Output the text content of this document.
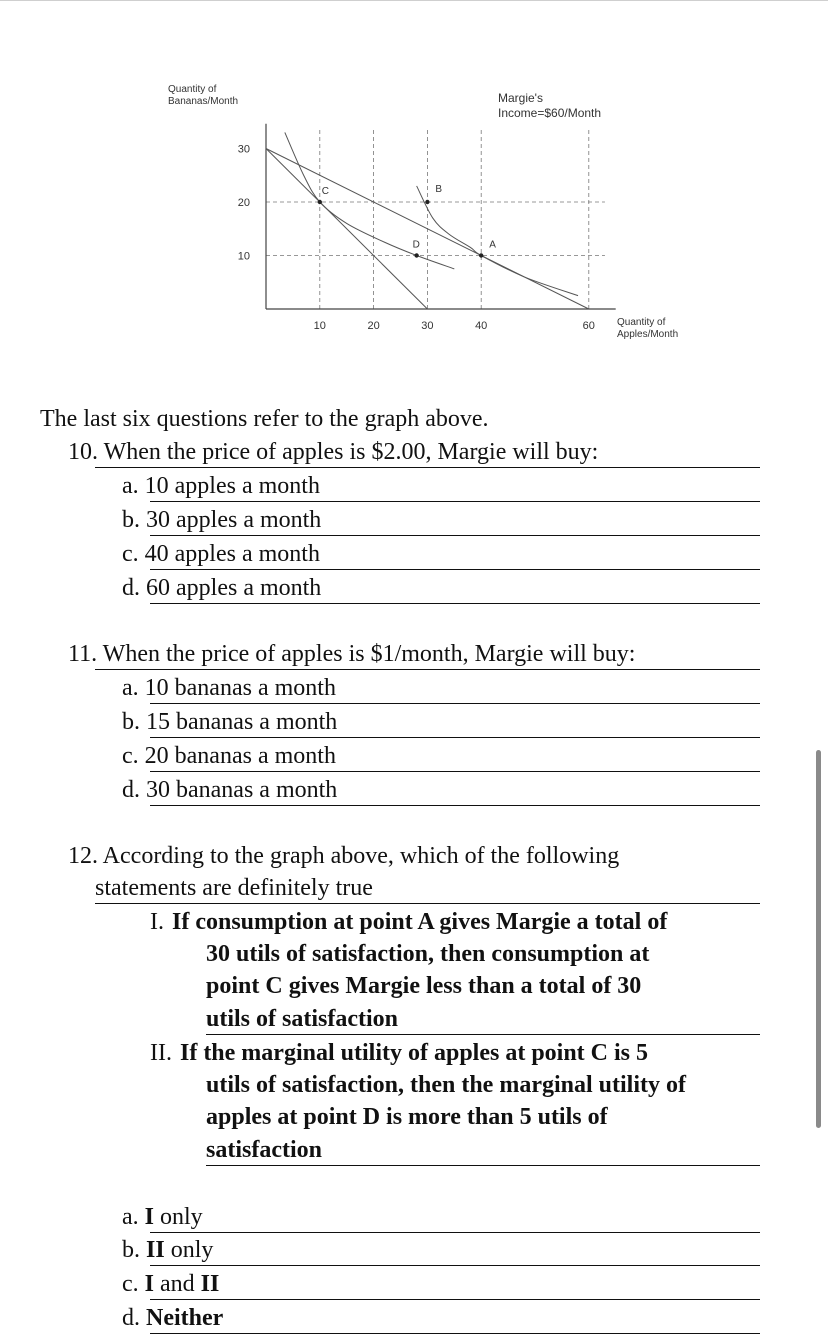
Quantity of
Bananas/Month	Margie's
Income=$60/Month
Quantity of
Apples/Month
10	20	30	40	60
10
20
30
A
B
C
D
The last six questions refer to the graph above.
10. When the price of apples is $2.00, Margie will buy:
a. 10 apples a month
b. 30 apples a month
c. 40 apples a month
d. 60 apples a month
11. When the price of apples is $1/month, Margie will buy:
a. 10 bananas a month
b. 15 bananas a month
c. 20 bananas a month
d. 30 bananas a month
12. According to the graph above, which of the following
statements are definitely true
I. If consumption at point A gives Margie a total of
30 utils of satisfaction, then consumption at
point C gives Margie less than a total of 30
utils of satisfaction
II. If the marginal utility of apples at point C is 5
utils of satisfaction, then the marginal utility of
apples at point D is more than 5 utils of
satisfaction
a. I only
b. II only
c. I and II
d. Neither
